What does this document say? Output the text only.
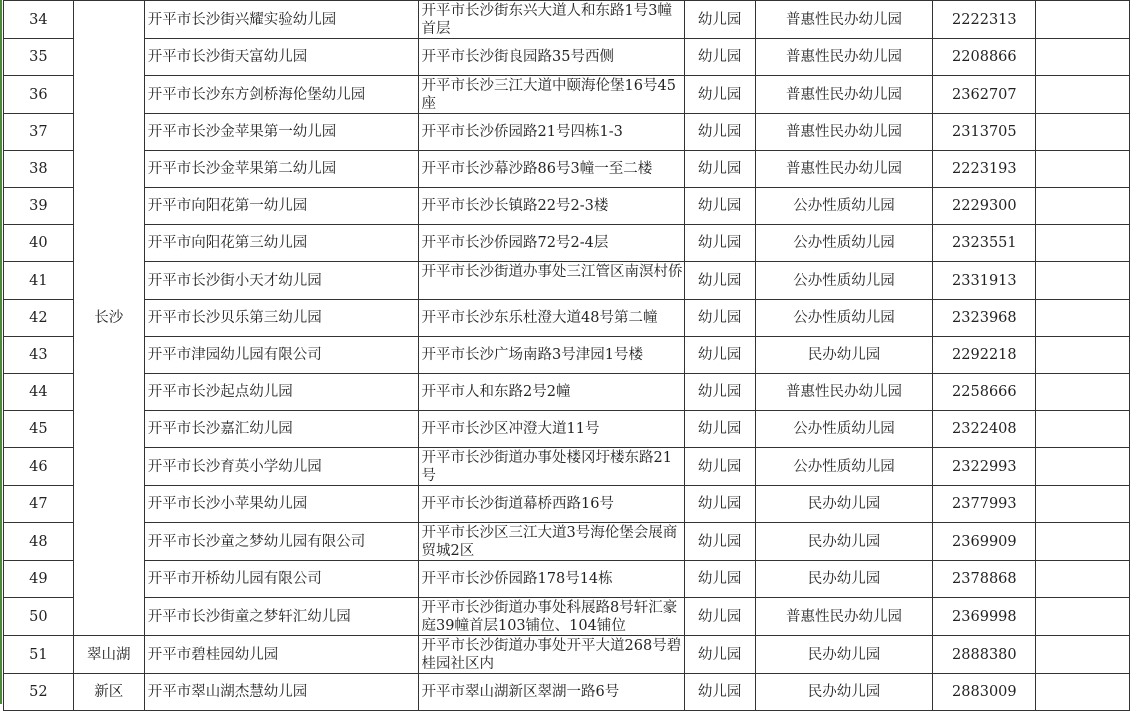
34	长沙	开平市长沙街兴耀实验幼儿园	开平市长沙街东兴大道人和东路1号3幢首层	幼儿园	普惠性民办幼儿园	2222313	
35		开平市长沙街天富幼儿园	开平市长沙街良园路35号西侧	幼儿园	普惠性民办幼儿园	2208866	
36		开平市长沙东方剑桥海伦堡幼儿园	开平市长沙三江大道中颐海伦堡16号45座	幼儿园	普惠性民办幼儿园	2362707	
37		开平市长沙金苹果第一幼儿园	开平市长沙侨园路21号四栋1-3	幼儿园	普惠性民办幼儿园	2313705	
38		开平市长沙金苹果第二幼儿园	开平市长沙幕沙路86号3幢一至二楼	幼儿园	普惠性民办幼儿园	2223193	
39		开平市向阳花第一幼儿园	开平市长沙长镇路22号2-3楼	幼儿园	公办性质幼儿园	2229300	
40		开平市向阳花第三幼儿园	开平市长沙侨园路72号2-4层	幼儿园	公办性质幼儿园	2323551	
41		开平市长沙街小天才幼儿园	开平市长沙街道办事处三江管区南溟村侨	幼儿园	公办性质幼儿园	2331913	
42		开平市长沙贝乐第三幼儿园	开平市长沙东乐杜澄大道48号第二幢	幼儿园	公办性质幼儿园	2323968	
43		开平市津园幼儿园有限公司	开平市长沙广场南路3号津园1号楼	幼儿园	民办幼儿园	2292218	
44		开平市长沙起点幼儿园	开平市人和东路2号2幢	幼儿园	普惠性民办幼儿园	2258666	
45		开平市长沙嘉汇幼儿园	开平市长沙区冲澄大道11号	幼儿园	公办性质幼儿园	2322408	
46		开平市长沙育英小学幼儿园	开平市长沙街道办事处楼冈圩楼东路21号	幼儿园	公办性质幼儿园	2322993	
47		开平市长沙小苹果幼儿园	开平市长沙街道幕桥西路16号	幼儿园	民办幼儿园	2377993	
48		开平市长沙童之梦幼儿园有限公司	开平市长沙区三江大道3号海伦堡会展商贸城2区	幼儿园	民办幼儿园	2369909	
49		开平市开桥幼儿园有限公司	开平市长沙侨园路178号14栋	幼儿园	民办幼儿园	2378868	
50		开平市长沙街童之梦轩汇幼儿园	开平市长沙街道办事处科展路8号轩汇豪庭39幢首层103铺位、104铺位	幼儿园	普惠性民办幼儿园	2369998	
51	翠山湖	开平市碧桂园幼儿园	开平市长沙街道办事处开平大道268号碧桂园社区内	幼儿园	民办幼儿园	2888380	
52	新区	开平市翠山湖杰慧幼儿园	开平市翠山湖新区翠湖一路6号	幼儿园	民办幼儿园	2883009	
